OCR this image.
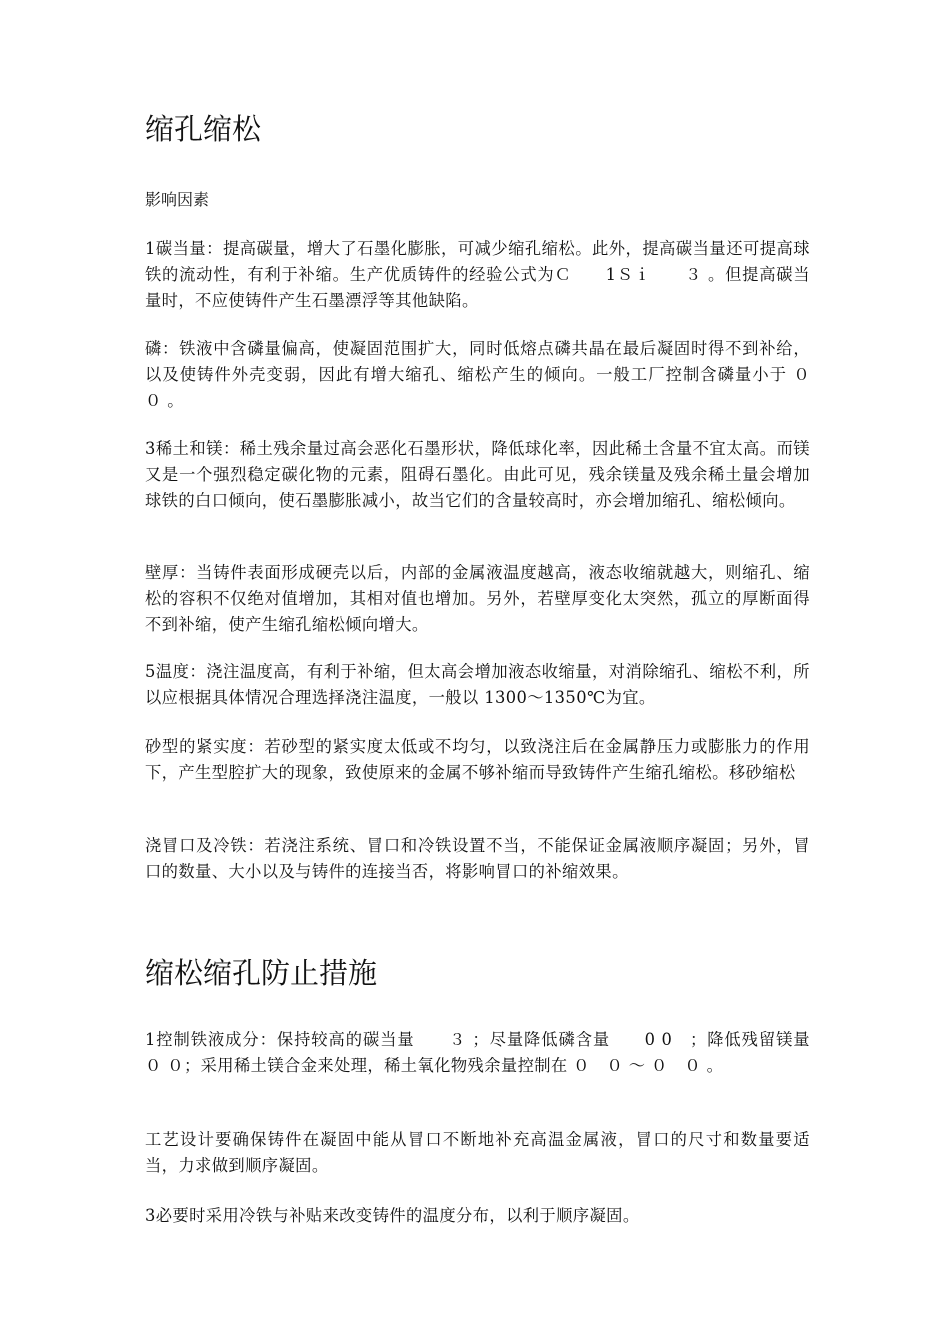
缩孔缩松

影响因素

1碳当量：提高碳量，增大了石墨化膨胀，可减少缩孔缩松。此外，提高碳当量还可提高球铁的流动性，有利于补缩。生产优质铸件的经验公式为Ｃ　　1Ｓｉ　　３ 。但提高碳当量时，不应使铸件产生石墨漂浮等其他缺陷。

磷：铁液中含磷量偏高，使凝固范围扩大，同时低熔点磷共晶在最后凝固时得不到补给，以及使铸件外壳变弱，因此有增大缩孔、缩松产生的倾向。一般工厂控制含磷量小于 ０　０ 。

3稀土和镁：稀土残余量过高会恶化石墨形状，降低球化率，因此稀土含量不宜太高。而镁又是一个强烈稳定碳化物的元素，阻碍石墨化。由此可见，残余镁量及残余稀土量会增加球铁的白口倾向，使石墨膨胀减小，故当它们的含量较高时，亦会增加缩孔、缩松倾向。

壁厚：当铸件表面形成硬壳以后，内部的金属液温度越高，液态收缩就越大，则缩孔、缩松的容积不仅绝对值增加，其相对值也增加。另外，若壁厚变化太突然，孤立的厚断面得不到补缩，使产生缩孔缩松倾向增大。

5温度：浇注温度高，有利于补缩，但太高会增加液态收缩量，对消除缩孔、缩松不利，所以应根据具体情况合理选择浇注温度，一般以 1300～1350℃为宜。

砂型的紧实度：若砂型的紧实度太低或不均匀，以致浇注后在金属静压力或膨胀力的作用下，产生型腔扩大的现象，致使原来的金属不够补缩而导致铸件产生缩孔缩松。移砂缩松

浇冒口及冷铁：若浇注系统、冒口和冷铁设置不当，不能保证金属液顺序凝固；另外，冒口的数量、大小以及与铸件的连接当否，将影响冒口的补缩效果。

缩松缩孔防止措施

1控制铁液成分：保持较高的碳当量　　３ ；尽量降低磷含量　　0 0　；降低残留镁量　　０ ０；采用稀土镁合金来处理，稀土氧化物残余量控制在 ０　０ ～ ０　０ 。

工艺设计要确保铸件在凝固中能从冒口不断地补充高温金属液，冒口的尺寸和数量要适当，力求做到顺序凝固。

3必要时采用冷铁与补贴来改变铸件的温度分布，以利于顺序凝固。
